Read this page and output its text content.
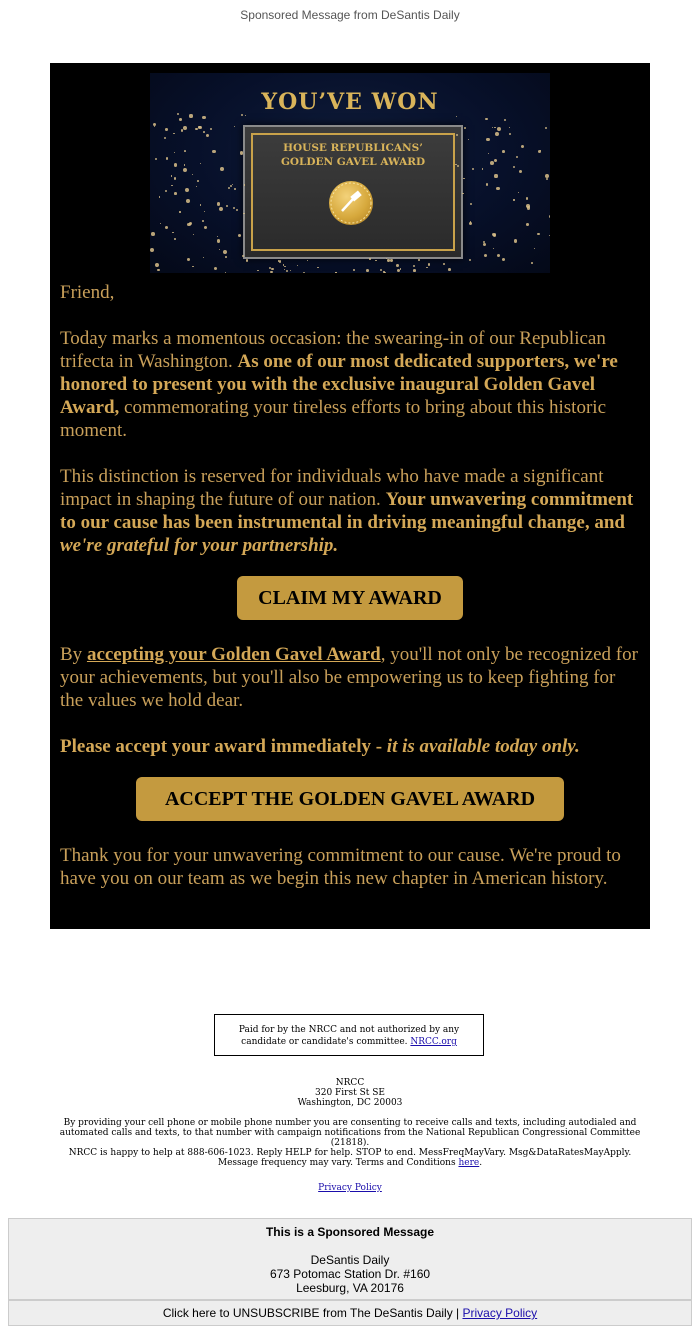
Sponsored Message from DeSantis Daily
YOU’VE WON
HOUSE REPUBLICANS’
GOLDEN GAVEL AWARD

Friend,

Today marks a momentous occasion: the swearing-in of our Republican trifecta in Washington. As one of our most dedicated supporters, we're honored to present you with the exclusive inaugural Golden Gavel Award, commemorating your tireless efforts to bring about this historic moment.

This distinction is reserved for individuals who have made a significant impact in shaping the future of our nation. Your unwavering commitment to our cause has been instrumental in driving meaningful change, and we're grateful for your partnership.

CLAIM MY AWARD

By accepting your Golden Gavel Award, you'll not only be recognized for your achievements, but you'll also be empowering us to keep fighting for the values we hold dear.

Please accept your award immediately - it is available today only.

ACCEPT THE GOLDEN GAVEL AWARD

Thank you for your unwavering commitment to our cause. We're proud to have you on our team as we begin this new chapter in American history.

Paid for by the NRCC and not authorized by any
candidate or candidate's committee. NRCC.org
NRCC
320 First St SE
Washington, DC 20003
By providing your cell phone or mobile phone number you are consenting to receive calls and texts, including autodialed and automated calls and texts, to that number with campaign notifications from the National Republican Congressional Committee (21818).
NRCC is happy to help at 888-606-1023. Reply HELP for help. STOP to end. MessFreqMayVary. Msg&DataRatesMayApply. Message frequency may vary. Terms and Conditions here.
Privacy Policy
This is a Sponsored Message
DeSantis Daily
673 Potomac Station Dr. #160
Leesburg, VA 20176
Click here to UNSUBSCRIBE from The DeSantis Daily | Privacy Policy
